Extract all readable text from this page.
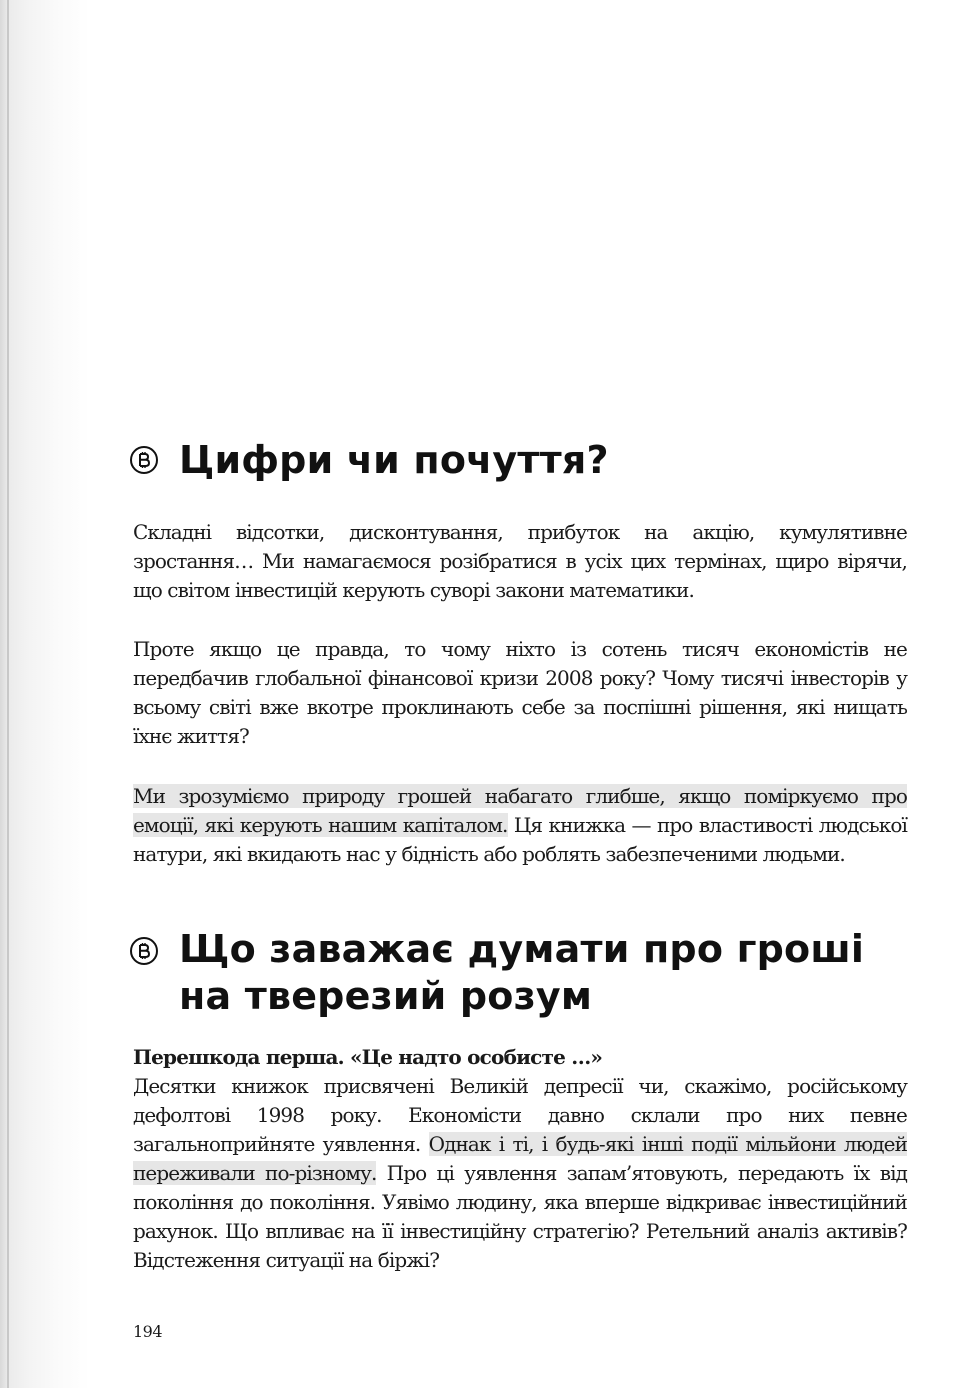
Цифри чи почуття?

Складні відсотки, дисконтування, прибуток на акцію, кумулятивне зростання… Ми намагаємося розібратися в усіх цих термінах, щиро вірячи, що світом інвестицій керують суворі закони математики.

Проте якщо це правда, то чому ніхто із сотень тисяч економістів не передбачив глобальної фінансової кризи 2008 року? Чому тисячі інвесторів у всьому світі вже вкотре проклинають себе за поспішні рішення, які нищать їхнє життя?

Ми зрозуміємо природу грошей набагато глибше, якщо поміркуємо про емоції, які керують нашим капіталом. Ця книжка — про властивості людської натури, які вкидають нас у бідність або роблять забезпеченими людьми.

Що заважає думати про гроші
на тверезий розум

Перешкода перша. «Це надто особисте …»

Десятки книжок присвячені Великій депресії чи, скажімо, російському дефолтові 1998 року. Економісти давно склали про них певне загальноприйняте уявлення. Однак і ті, і будь-які інші події мільйони людей переживали по-різному. Про ці уявлення запам’ятовують, передають їх від покоління до покоління. Уявімо людину, яка вперше відкриває інвестиційний рахунок. Що впливає на її інвестиційну стратегію? Ретельний аналіз активів? Відстеження ситуації на біржі?

194
